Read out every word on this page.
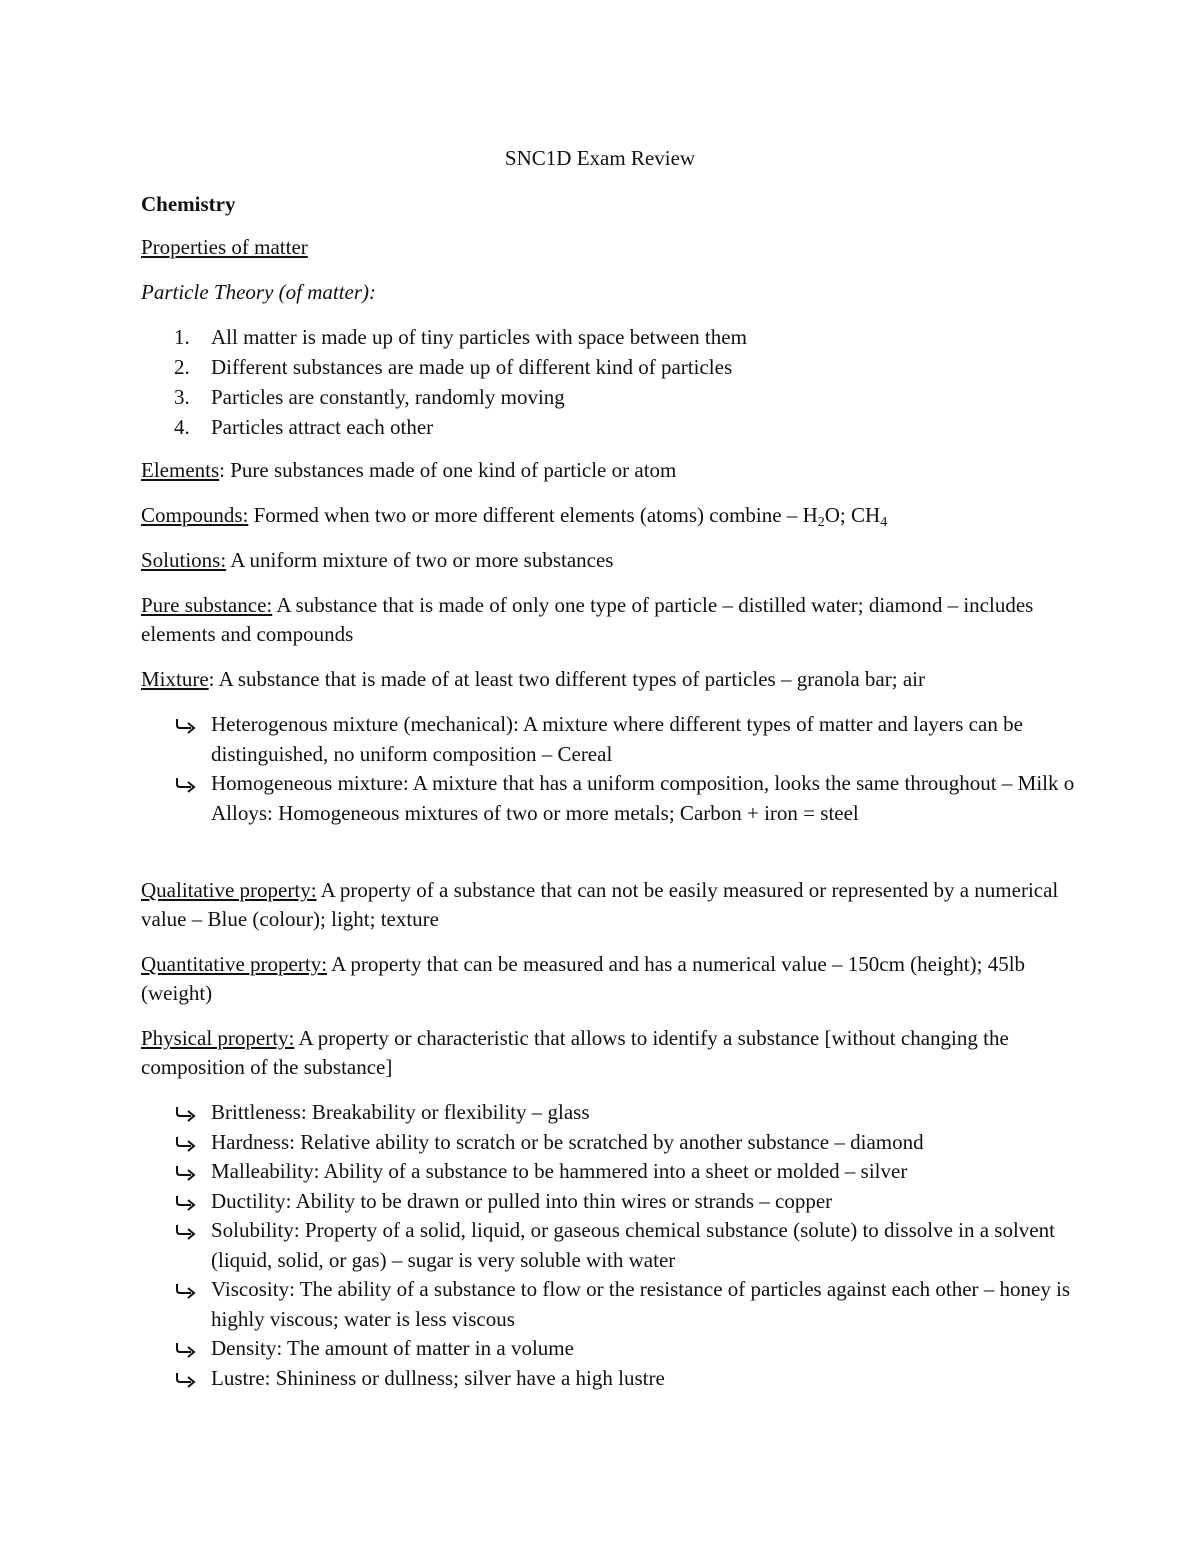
SNC1D Exam Review
Chemistry
Properties of matter
Particle Theory (of matter):
1. All matter is made up of tiny particles with space between them
2. Different substances are made up of different kind of particles
3. Particles are constantly, randomly moving
4. Particles attract each other
Elements: Pure substances made of one kind of particle or atom
Compounds: Formed when two or more different elements (atoms) combine – $H_2O$; $CH_4$
Solutions: A uniform mixture of two or more substances
Pure substance: A substance that is made of only one type of particle – distilled water; diamond – includes elements and compounds
Mixture: A substance that is made of at least two different types of particles – granola bar; air
Heterogenous mixture (mechanical): A mixture where different types of matter and layers can be distinguished, no uniform composition – Cereal
Homogeneous mixture: A mixture that has a uniform composition, looks the same throughout – Milk o Alloys: Homogeneous mixtures of two or more metals; Carbon + iron = steel
Qualitative property: A property of a substance that can not be easily measured or represented by a numerical value – Blue (colour); light; texture
Quantitative property: A property that can be measured and has a numerical value – 150cm (height); 45lb (weight)
Physical property: A property or characteristic that allows to identify a substance [without changing the composition of the substance]
Brittleness: Breakability or flexibility – glass
Hardness: Relative ability to scratch or be scratched by another substance – diamond
Malleability: Ability of a substance to be hammered into a sheet or molded – silver
Ductility: Ability to be drawn or pulled into thin wires or strands – copper
Solubility: Property of a solid, liquid, or gaseous chemical substance (solute) to dissolve in a solvent (liquid, solid, or gas) – sugar is very soluble with water
Viscosity: The ability of a substance to flow or the resistance of particles against each other – honey is highly viscous; water is less viscous
Density: The amount of matter in a volume
Lustre: Shininess or dullness; silver have a high lustre
